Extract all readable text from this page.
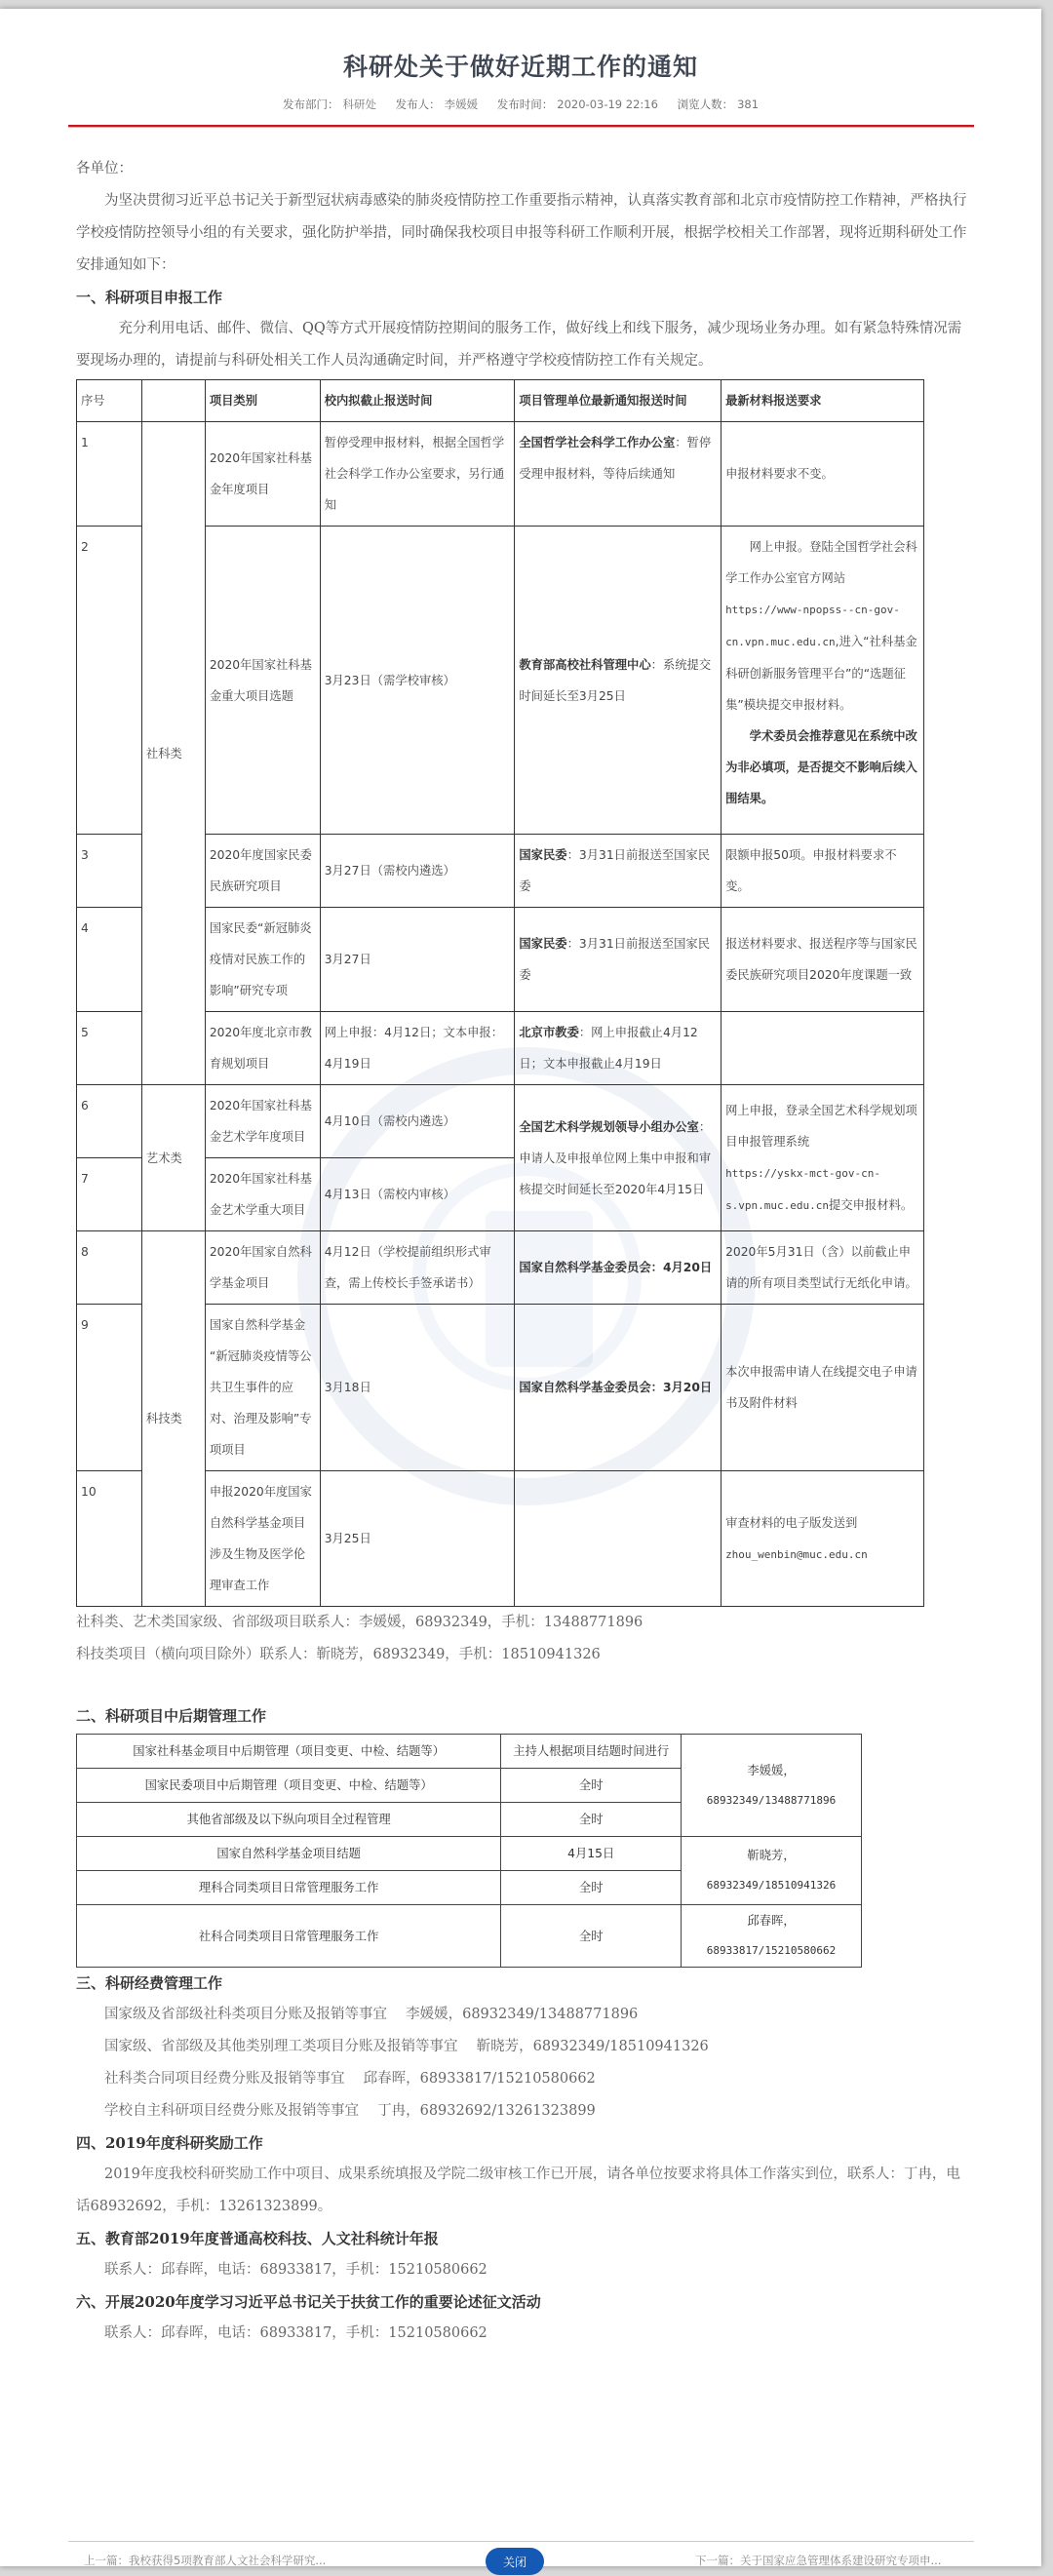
科研处关于做好近期工作的通知
发布部门： 科研处 发布人： 李媛媛 发布时间： 2020-03-19 22:16 浏览人数： 381

各单位：

为坚决贯彻习近平总书记关于新型冠状病毒感染的肺炎疫情防控工作重要指示精神，认真落实教育部和北京市疫情防控工作精神，严格执行学校疫情防控领导小组的有关要求，强化防护举措，同时确保我校项目申报等科研工作顺利开展，根据学校相关工作部署，现将近期科研处工作安排通知如下：

一、科研项目申报工作

充分利用电话、邮件、微信、QQ等方式开展疫情防控期间的服务工作，做好线上和线下服务，减少现场业务办理。如有紧急特殊情况需要现场办理的，请提前与科研处相关工作人员沟通确定时间，并严格遵守学校疫情防控工作有关规定。

序号		项目类别	校内拟截止报送时间	项目管理单位最新通知报送时间	最新材料报送要求
1	社科类	2020年国家社科基金年度项目	暂停受理申报材料，根据全国哲学社会科学工作办公室要求，另行通知	全国哲学社会科学工作办公室：暂停受理申报材料，等待后续通知	申报材料要求不变。
2		2020年国家社科基金重大项目选题	3月23日（需学校审核）	教育部高校社科管理中心：系统提交时间延长至3月25日	网上申报。登陆全国哲学社会科学工作办公室官方网站
https://www-npopss--cn-gov-cn.vpn.muc.edu.cn,进入“社科基金科研创新服务管理平台”的“选题征集”模块提交申报材料。
学术委员会推荐意见在系统中改为非必填项，是否提交不影响后续入围结果。

3		2020年度国家民委民族研究项目	3月27日（需校内遴选）	国家民委：3月31日前报送至国家民委	限额申报50项。申报材料要求不变。
4		国家民委“新冠肺炎疫情对民族工作的影响”研究专项	3月27日	国家民委：3月31日前报送至国家民委	报送材料要求、报送程序等与国家民委民族研究项目2020年度课题一致
5		2020年度北京市教育规划项目	网上申报：4月12日；文本申报：4月19日	北京市教委：网上申报截止4月12日；文本申报截止4月19日	
6	艺术类	2020年国家社科基金艺术学年度项目	4月10日（需校内遴选）	全国艺术科学规划领导小组办公室：申请人及申报单位网上集中申报和审核提交时间延长至2020年4月15日	网上申报，登录全国艺术科学规划项目申报管理系统
https://yskx-mct-gov-cn-s.vpn.muc.edu.cn提交申报材料。
7		2020年国家社科基金艺术学重大项目	4月13日（需校内审核）		
8	科技类	2020年国家自然科学基金项目	4月12日（学校提前组织形式审查，需上传校长手签承诺书）	国家自然科学基金委员会：4月20日	2020年5月31日（含）以前截止申请的所有项目类型试行无纸化申请。
9		国家自然科学基金 “新冠肺炎疫情等公共卫生事件的应对、治理及影响”专项项目	3月18日	国家自然科学基金委员会：3月20日	本次申报需申请人在线提交电子申请书及附件材料
10		申报2020年度国家自然科学基金项目涉及生物及医学伦理审查工作	3月25日		审查材料的电子版发送到
zhou_wenbin@muc.edu.cn

社科类、艺术类国家级、省部级项目联系人：李媛媛，68932349，手机：13488771896

科技类项目（横向项目除外）联系人：靳晓芳，68932349，手机：18510941326

二、科研项目中后期管理工作
国家社科基金项目中后期管理（项目变更、中检、结题等）	主持人根据项目结题时间进行	李媛媛，
68932349/13488771896
国家民委项目中后期管理（项目变更、中检、结题等）	全时	
其他省部级及以下纵向项目全过程管理	全时	
国家自然科学基金项目结题	4月15日	靳晓芳，
68932349/18510941326
理科合同类项目日常管理服务工作	全时	
社科合同类项目日常管理服务工作	全时	邱春晖，
68933817/15210580662
三、科研经费管理工作

国家级及省部级社科类项目分账及报销等事宜　 李媛媛，68932349/13488771896

国家级、省部级及其他类别理工类项目分账及报销等事宜　 靳晓芳，68932349/18510941326

社科类合同项目经费分账及报销等事宜　 邱春晖，68933817/15210580662

学校自主科研项目经费分账及报销等事宜　 丁冉，68932692/13261323899

四、2019年度科研奖励工作

2019年度我校科研奖励工作中项目、成果系统填报及学院二级审核工作已开展，请各单位按要求将具体工作落实到位，联系人：丁冉，电话68932692，手机：13261323899。

五、教育部2019年度普通高校科技、人文社科统计年报

联系人：邱春晖，电话：68933817，手机：15210580662

六、开展2020年度学习习近平总书记关于扶贫工作的重要论述征文活动

联系人：邱春晖，电话：68933817，手机：15210580662

上一篇：我校获得5项教育部人文社会科学研究...	关闭	下一篇：关于国家应急管理体系建设研究专项申...
